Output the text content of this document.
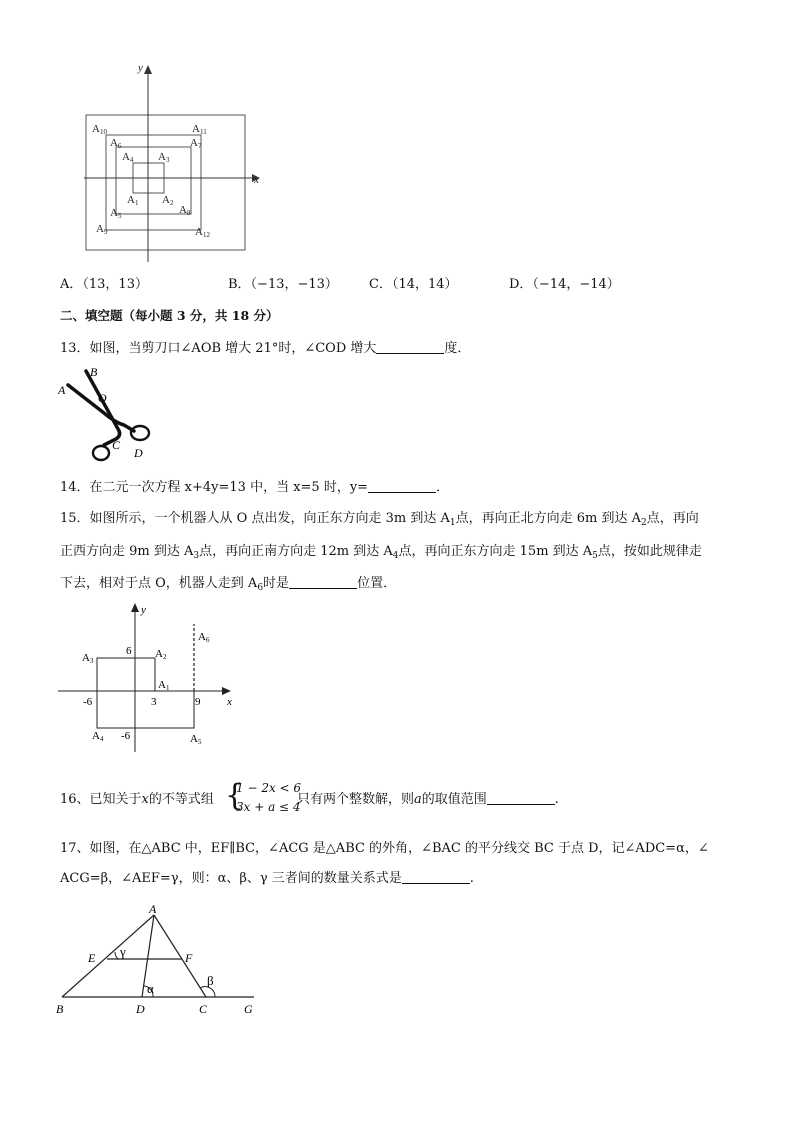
x
y
A10	A11
A6	A7
A4 A3
A1 A2
A5	A8
A9	A12
A．（13，13）	B．（−13，−13） C．（14，14）	D．（−14，−14）
二、填空题（每小题 3 分，共 18 分）
13．如图，当剪刀口∠AOB 增大 21°时，∠COD 增大	度．
A
B
O
C
D
14．在二元一次方程 x+4y=13 中，当 x=5 时，y=	．
15．如图所示，一个机器人从 O 点出发，向正东方向走 3m 到达 $A_1$点，再向正北方向走 6m 到达 $A_2$点，再向
正西方向走 9m 到达 $A_3$点，再向正南方向走 12m 到达 $A_4$点，再向正东方向走 15m 到达 $A_5$点，按如此规律走
下去，相对于点 O，机器人走到 $A_6$时是	位置．
x
y
A6
A2
A3
A1
A4	A5
6
3	9
-6
-6
16、已知关于x的不等式组 {
1 − 2x < 6
3x + a ≤ 4
只有两个整数解，则a的取值范围	.
17、如图，在△ABC 中，EF∥BC，∠ACG 是△ABC 的外角，∠BAC 的平分线交 BC 于点 D，记∠ADC=α，∠
ACG=β，∠AEF=γ，则：α、β、γ 三者间的数量关系式是	.
A
B	C
D
E	F
G
α
β
γ
